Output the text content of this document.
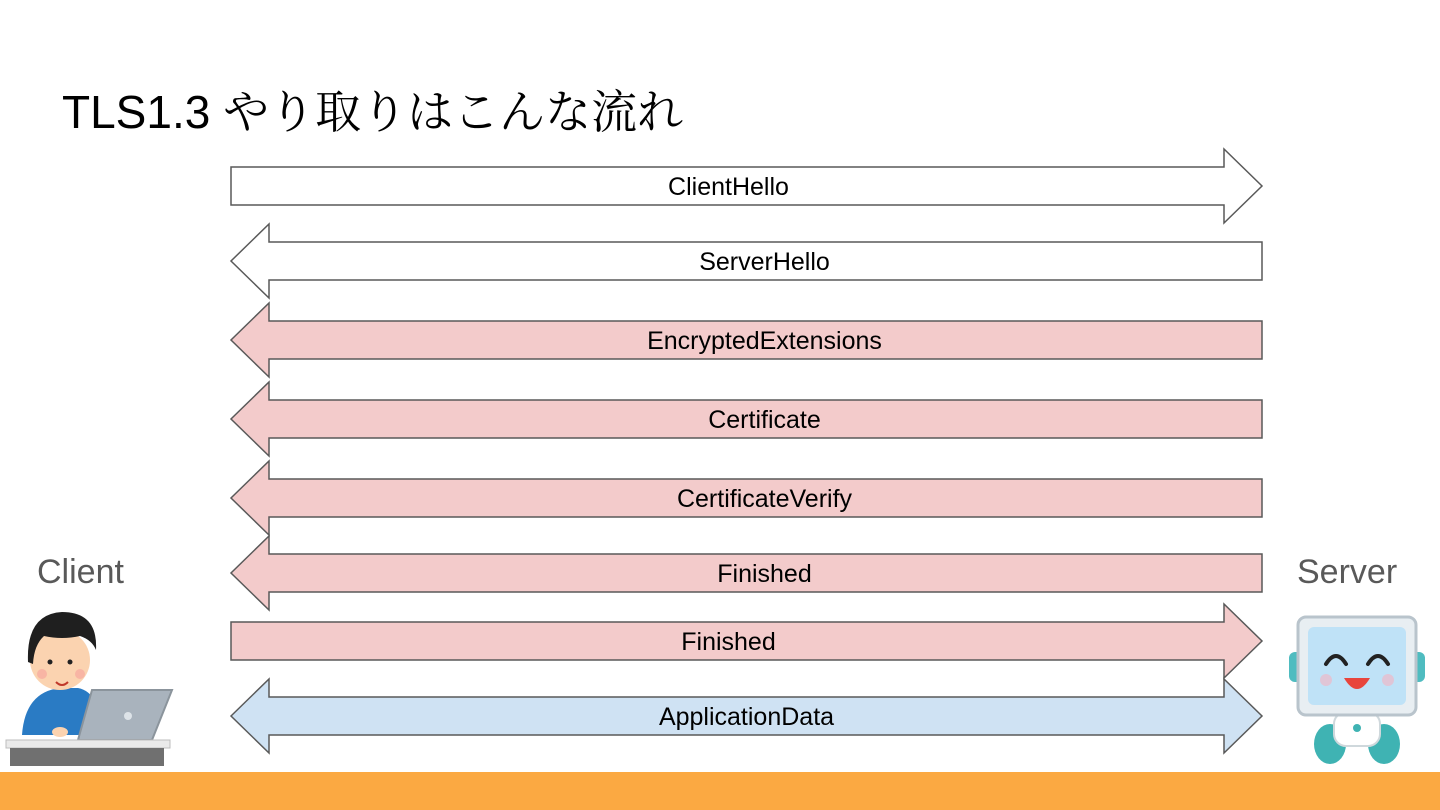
TLS1.3 やり取りはこんな流れ
Client	Server
ClientHello
ServerHello
EncryptedExtensions
Certificate
CertificateVerify
Finished
Finished
ApplicationData
